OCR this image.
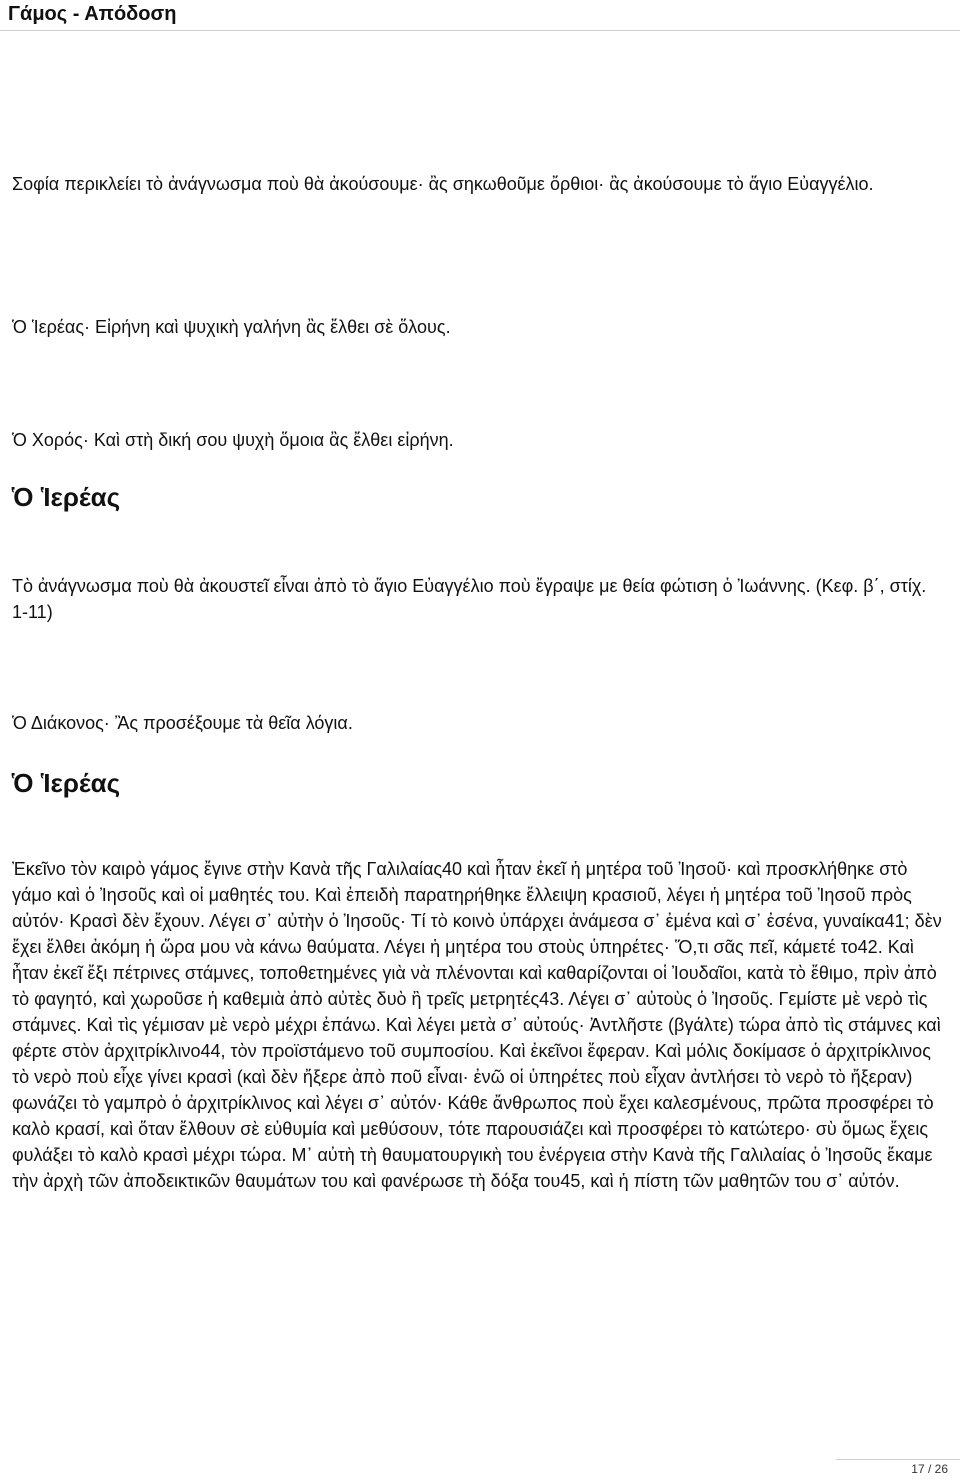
Γάμος - Απόδοση

Σοφία περικλείει τὸ ἀνάγνωσμα ποὺ θὰ ἀκούσουμε· ἂς σηκωθοῦμε ὄρθιοι· ἂς ἀκούσουμε τὸ ἅγιο Εὐαγγέλιο.

Ὁ Ἱερέας· Εἰρήνη καὶ ψυχικὴ γαλήνη ἂς ἔλθει σὲ ὅλους.

Ὁ Χορός· Καὶ στὴ δική σου ψυχὴ ὅμοια ἂς ἔλθει εἰρήνη.

Ὁ Ἱερέας

Τὸ ἀνάγνωσμα ποὺ θὰ ἀκουστεῖ εἶναι ἀπὸ τὸ ἅγιο Εὐαγγέλιο ποὺ ἔγραψε με θεία φώτιση ὁ Ἰωάννης. (Κεφ. β΄, στίχ. 1-11)

Ὁ Διάκονος· Ἂς προσέξουμε τὰ θεῖα λόγια.

Ὁ Ἱερέας

Ἐκεῖνο τὸν καιρὸ γάμος ἔγινε στὴν Κανὰ τῆς Γαλιλαίας40 καὶ ἦταν ἐκεῖ ἡ μητέρα τοῦ Ἰησοῦ· καὶ προσκλήθηκε στὸ γάμο καὶ ὁ Ἰησοῦς καὶ οἱ μαθητές του. Καὶ ἐπειδὴ παρατηρήθηκε ἔλλειψη κρασιοῦ, λέγει ἡ μητέρα τοῦ Ἰησοῦ πρὸς αὐτόν· Κρασὶ δὲν ἔχουν. Λέγει σ᾿ αὐτὴν ὁ Ἰησοῦς· Τί τὸ κοινὸ ὑπάρχει ἀνάμεσα σ᾿ ἐμένα καὶ σ᾿ ἐσένα, γυναίκα41; δὲν ἔχει ἔλθει ἀκόμη ἡ ὥρα μου νὰ κάνω θαύματα. Λέγει ἡ μητέρα του στοὺς ὑπηρέτες· Ὅ,τι σᾶς πεῖ, κάμετέ το42. Καὶ ἦταν ἐκεῖ ἔξι πέτρινες στάμνες, τοποθετημένες γιὰ νὰ πλένονται καὶ καθαρίζονται οἱ Ἰουδαῖοι, κατὰ τὸ ἔθιμο, πρὶν ἀπὸ τὸ φαγητό, καὶ χωροῦσε ἡ καθεμιὰ ἀπὸ αὐτὲς δυὸ ἢ τρεῖς μετρητές43. Λέγει σ᾿ αὐτοὺς ὁ Ἰησοῦς. Γεμίστε μὲ νερὸ τὶς στάμνες. Καὶ τὶς γέμισαν μὲ νερὸ μέχρι ἐπάνω. Καὶ λέγει μετὰ σ᾿ αὐτούς· Ἀντλῆστε (βγάλτε) τώρα ἀπὸ τὶς στάμνες καὶ φέρτε στὸν ἀρχιτρίκλινο44, τὸν προϊστάμενο τοῦ συμποσίου. Καὶ ἐκεῖνοι ἔφεραν. Καὶ μόλις δοκίμασε ὁ ἀρχιτρίκλινος τὸ νερὸ ποὺ εἶχε γίνει κρασὶ (καὶ δὲν ἤξερε ἀπὸ ποῦ εἶναι· ἐνῶ οἱ ὑπηρέτες ποὺ εἶχαν ἀντλήσει τὸ νερὸ τὸ ἤξεραν) φωνάζει τὸ γαμπρὸ ὁ ἀρχιτρίκλινος καὶ λέγει σ᾿ αὐτόν· Κάθε ἄνθρωπος ποὺ ἔχει καλεσμένους, πρῶτα προσφέρει τὸ καλὸ κρασί, καὶ ὅταν ἔλθουν σὲ εὐθυμία καὶ μεθύσουν, τότε παρουσιάζει καὶ προσφέρει τὸ κατώτερο· σὺ ὅμως ἔχεις φυλάξει τὸ καλὸ κρασὶ μέχρι τώρα. Μ᾿ αὐτὴ τὴ θαυματουργικὴ του ἐνέργεια στὴν Κανὰ τῆς Γαλιλαίας ὁ Ἰησοῦς ἔκαμε τὴν ἀρχὴ τῶν ἀποδεικτικῶν θαυμάτων του καὶ φανέρωσε τὴ δόξα του45, καὶ ἡ πίστη τῶν μαθητῶν του σ᾿ αὐτόν.

17 / 26
